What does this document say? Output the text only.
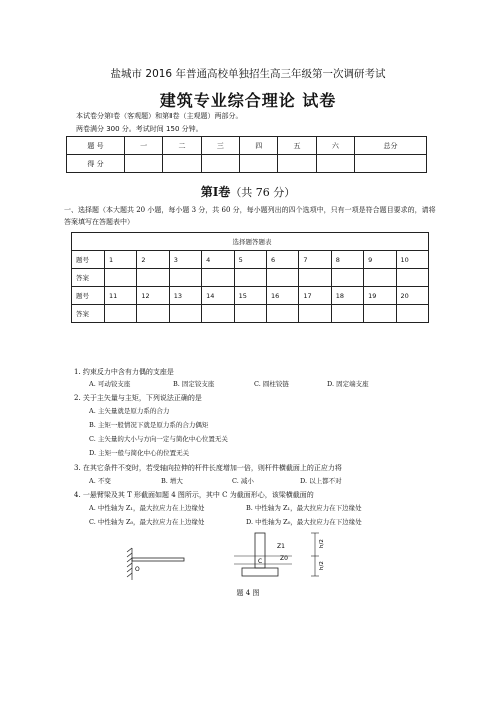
盐城市 2016 年普通高校单独招生高三年级第一次调研考试
建筑专业综合理论 试卷
本试卷分第Ⅰ卷（客观题）和第Ⅱ卷（主观题）两部分。
两卷满分 300 分。考试时间 150 分钟。
题 号	一	二	三	四	五	六	总分
得 分							
第Ⅰ卷（共 76 分）
一、选择题（本大题共 20 小题，每小题 3 分，共 60 分，每小题列出的四个选项中，只有一项是符合题目要求的，请将答案填写在答题表中）
选择题答题表										
题号	1	2	3	4	5	6	7	8	9	10
答案										
题号	11	12	13	14	15	16	17	18	19	20
答案										
1. 约束反力中含有力偶的支座是
A. 可动铰支座	B. 固定铰支座	C. 圆柱铰链	D. 固定端支座
2. 关于主矢量与主矩，下列说法正确的是
A. 主矢量就是原力系的合力
B. 主矩一般情况下就是原力系的合力偶矩
C. 主矢量的大小与方向一定与简化中心位置无关
D. 主矩一般与简化中心的位置无关
3. 在其它条件不变时，若受轴向拉伸的杆件长度增加一倍，则杆件横截面上的正应力将
A. 不变	B. 增大	C. 减小	D. 以上都不对
4. 一悬臂梁及其 T 形截面如题 4 图所示，其中 C 为截面形心，该梁横截面的
A. 中性轴为 Z₁，最大拉应力在上边缘处	B. 中性轴为 Z₁，最大拉应力在下边缘处
C. 中性轴为 Z₀，最大拉应力在上边缘处	D. 中性轴为 Z₀，最大拉应力在下边缘处
O
Z1
C	Z0
h/2
h/2
题 4 图
